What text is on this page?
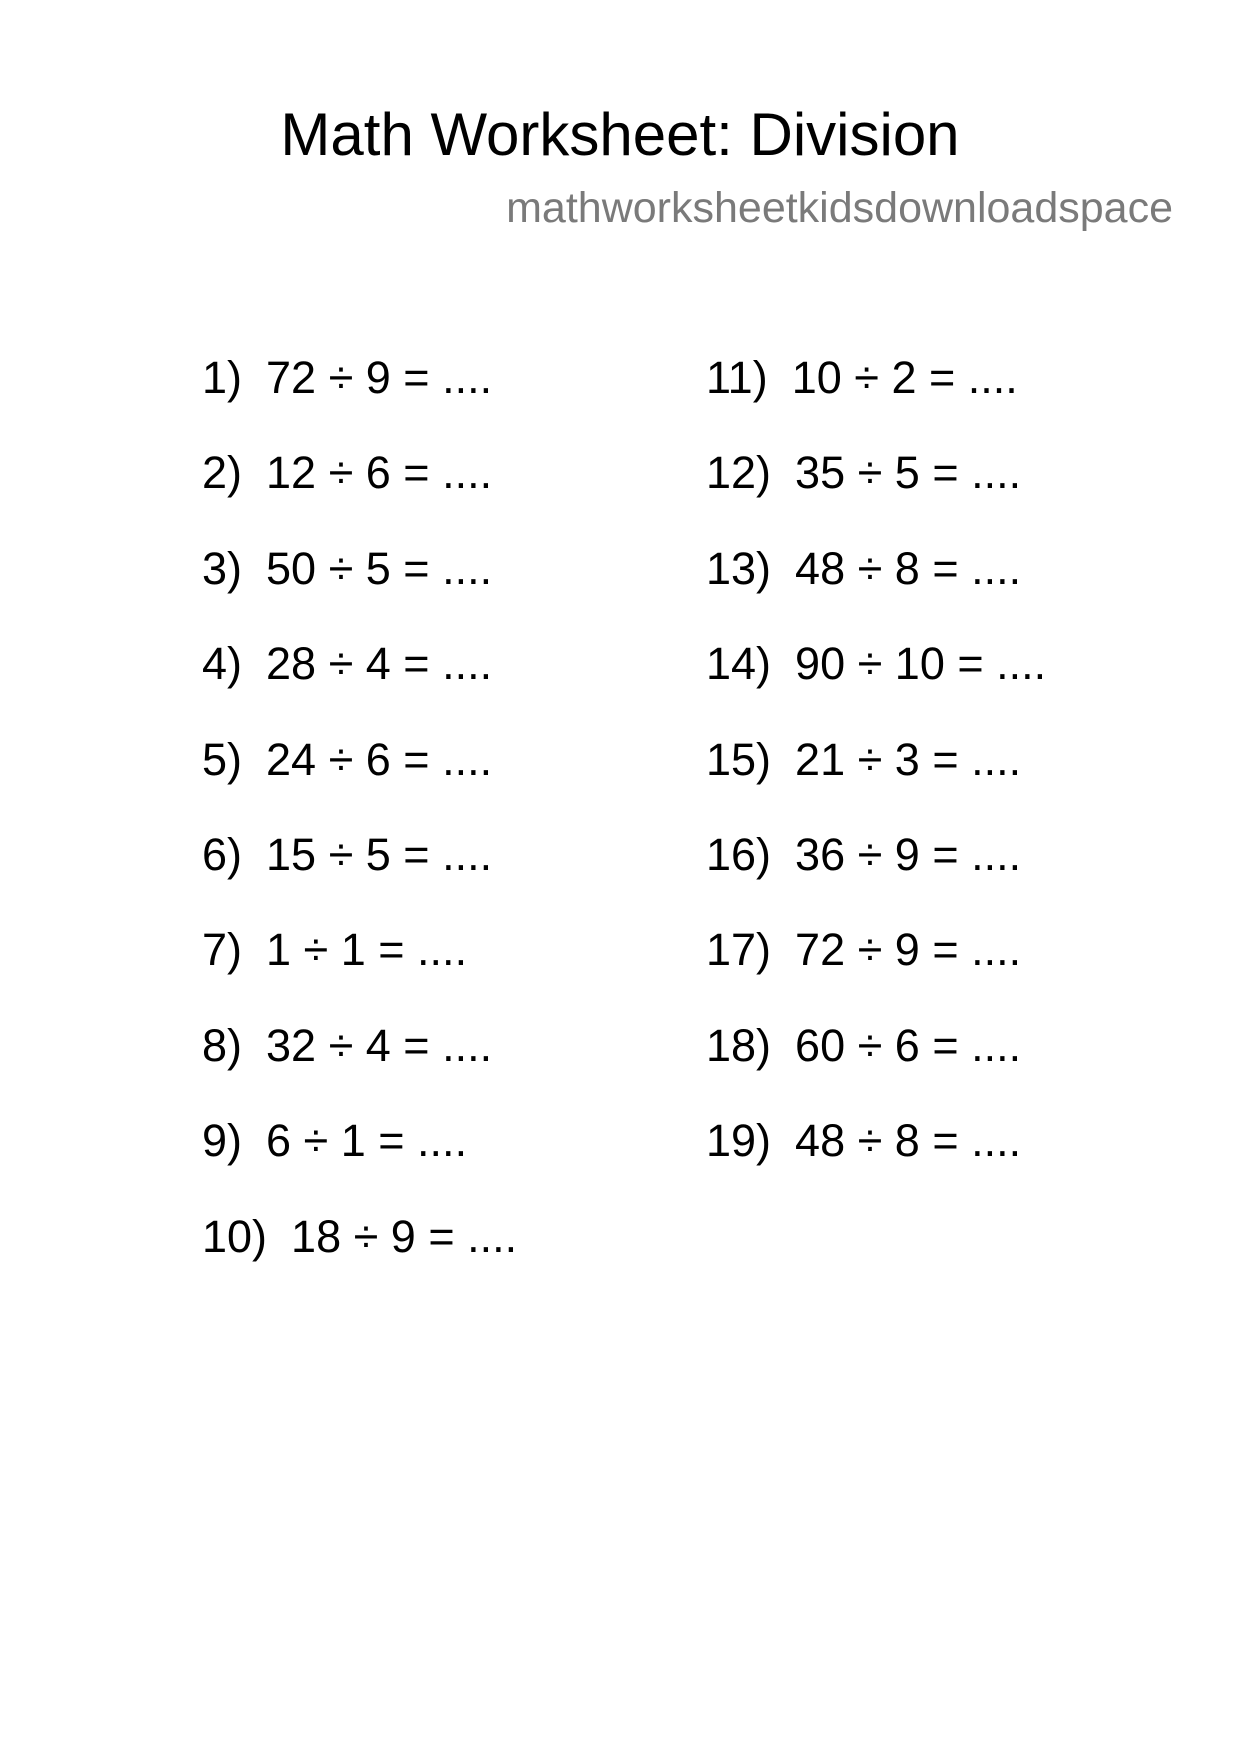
Math Worksheet: Division
mathworksheetkidsdownloadspace
1) 72 ÷ 9 = ....
2) 12 ÷ 6 = ....
3) 50 ÷ 5 = ....
4) 28 ÷ 4 = ....
5) 24 ÷ 6 = ....
6) 15 ÷ 5 = ....
7) 1 ÷ 1 = ....
8) 32 ÷ 4 = ....
9) 6 ÷ 1 = ....
10) 18 ÷ 9 = ....
11) 10 ÷ 2 = ....
12) 35 ÷ 5 = ....
13) 48 ÷ 8 = ....
14) 90 ÷ 10 = ....
15) 21 ÷ 3 = ....
16) 36 ÷ 9 = ....
17) 72 ÷ 9 = ....
18) 60 ÷ 6 = ....
19) 48 ÷ 8 = ....
